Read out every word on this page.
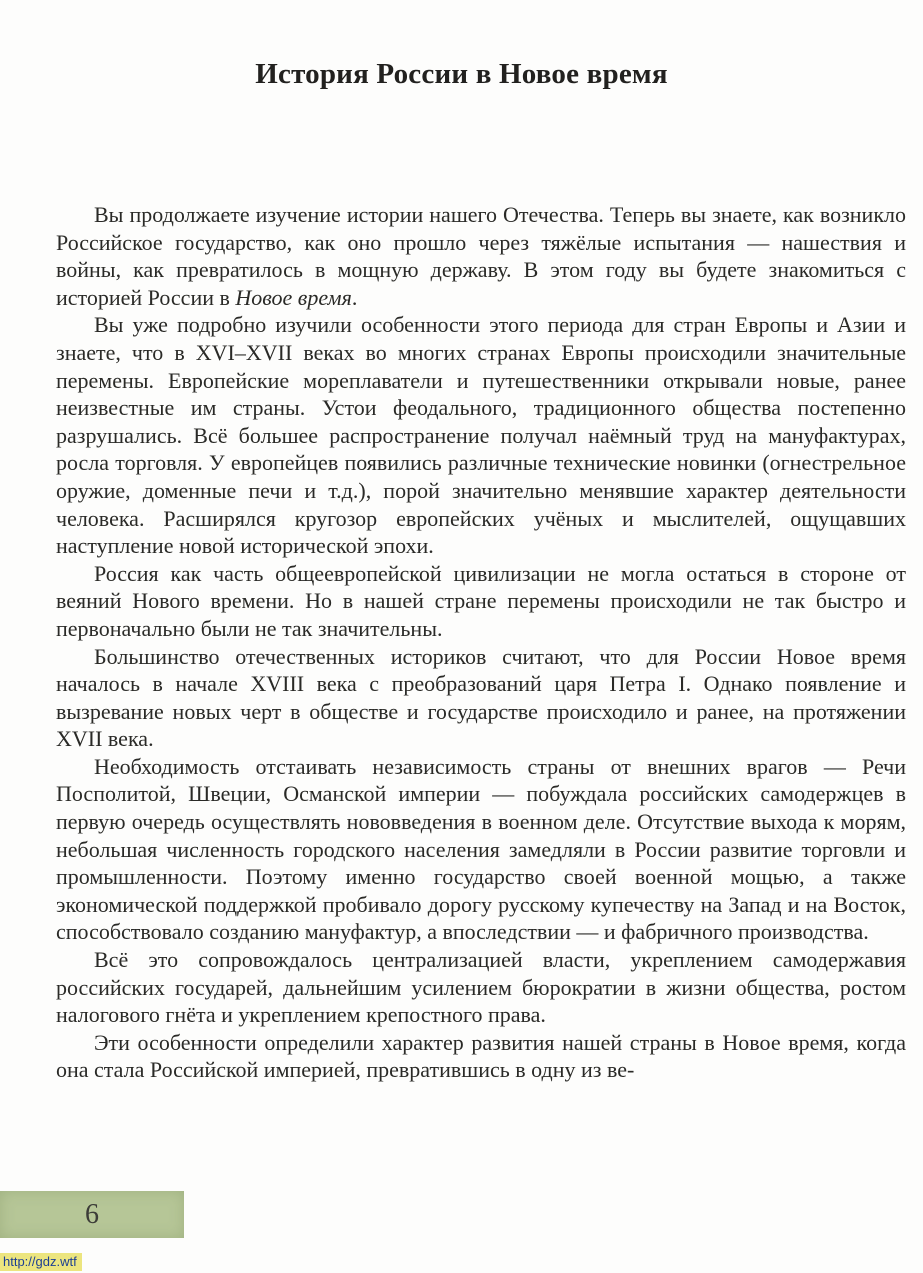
История России в Новое время

Вы продолжаете изучение истории нашего Отечества. Теперь вы знаете, как возникло Российское государство, как оно прошло через тяжёлые испытания — нашествия и войны, как превратилось в мощную державу. В этом году вы будете знакомиться с историей России в Новое время.

Вы уже подробно изучили особенности этого периода для стран Европы и Азии и знаете, что в XVI–XVII веках во многих странах Европы происходили значительные перемены. Европейские мореплаватели и путешественники открывали новые, ранее неизвестные им страны. Устои феодального, традиционного общества постепенно разрушались. Всё большее распространение получал наёмный труд на мануфактурах, росла торговля. У европейцев появились различные технические новинки (огнестрельное оружие, доменные печи и т.д.), порой значительно менявшие характер деятельности человека. Расширялся кругозор европейских учёных и мыслителей, ощущавших наступление новой исторической эпохи.

Россия как часть общеевропейской цивилизации не могла остаться в стороне от веяний Нового времени. Но в нашей стране перемены происходили не так быстро и первоначально были не так значительны.

Большинство отечественных историков считают, что для России Новое время началось в начале XVIII века с преобразований царя Петра I. Однако появление и вызревание новых черт в обществе и государстве происходило и ранее, на протяжении XVII века.

Необходимость отстаивать независимость страны от внешних врагов — Речи Посполитой, Швеции, Османской империи — побуждала российских самодержцев в первую очередь осуществлять нововведения в военном деле. Отсутствие выхода к морям, небольшая численность городского населения замедляли в России развитие торговли и промышленности. Поэтому именно государство своей военной мощью, а также экономической поддержкой пробивало дорогу русскому купечеству на Запад и на Восток, способствовало созданию мануфактур, а впоследствии — и фабричного производства.

Всё это сопровождалось централизацией власти, укреплением самодержавия российских государей, дальнейшим усилением бюрократии в жизни общества, ростом налогового гнёта и укреплением крепостного права.

Эти особенности определили характер развития нашей страны в Новое время, когда она стала Российской империей, превратившись в одну из ве-

6
http://gdz.wtf
